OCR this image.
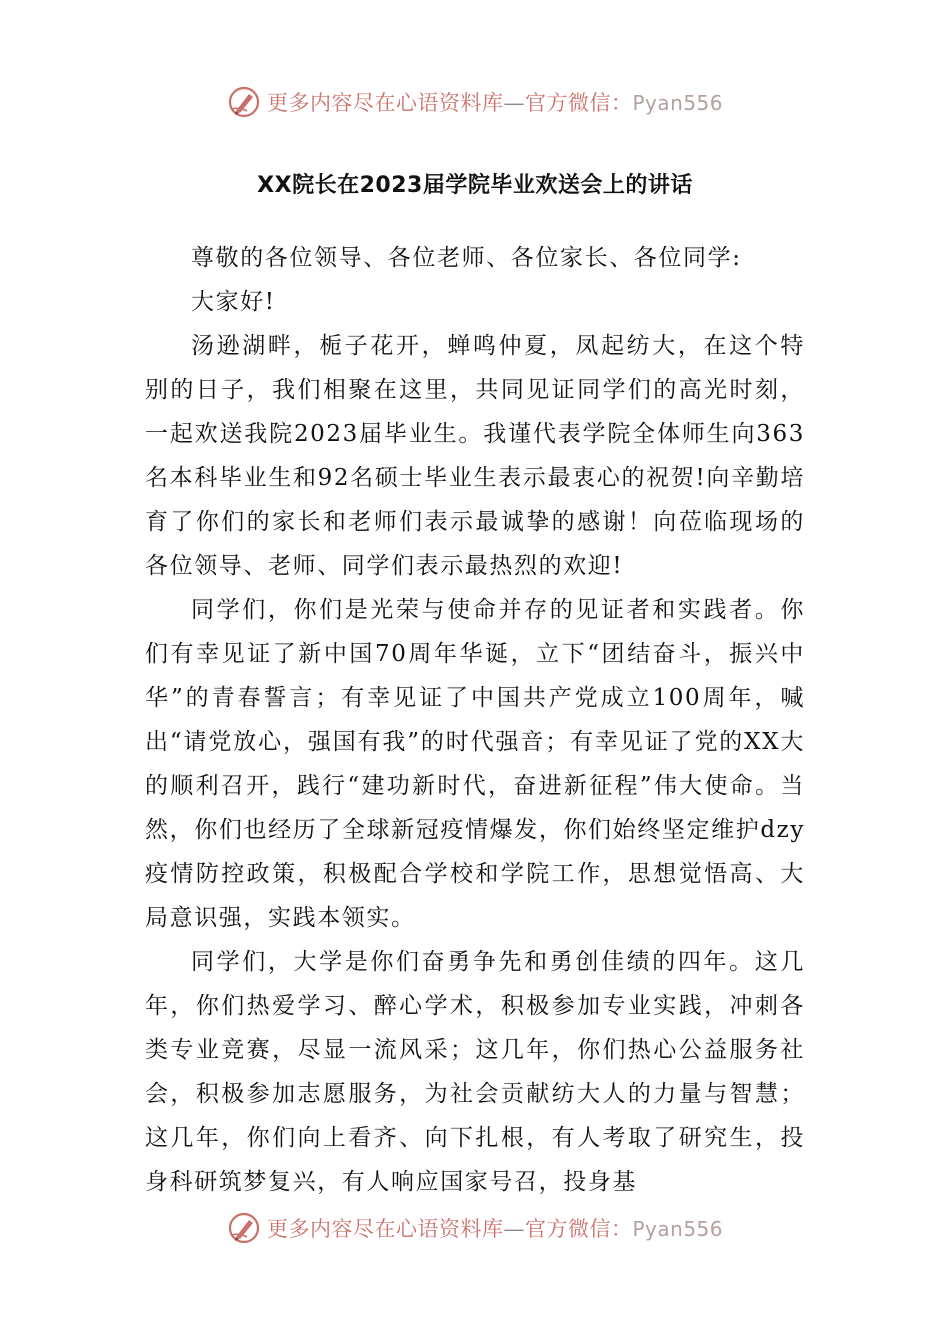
更多内容尽在心语资料库—官方微信：Pyan556
XX院长在2023届学院毕业欢送会上的讲话

尊敬的各位领导、各位老师、各位家长、各位同学:

大家好!

汤逊湖畔，栀子花开，蝉鸣仲夏，凤起纺大，在这个特别的日子，我们相聚在这里，共同见证同学们的高光时刻，一起欢送我院2023届毕业生。我谨代表学院全体师生向363名本科毕业生和92名硕士毕业生表示最衷心的祝贺!向辛勤培育了你们的家长和老师们表示最诚挚的感谢！向莅临现场的各位领导、老师、同学们表示最热烈的欢迎!

同学们，你们是光荣与使命并存的见证者和实践者。你们有幸见证了新中国70周年华诞，立下“团结奋斗，振兴中华”的青春誓言；有幸见证了中国共产党成立100周年，喊出“请党放心，强国有我”的时代强音；有幸见证了党的XX大的顺利召开，践行“建功新时代，奋进新征程”伟大使命。当然，你们也经历了全球新冠疫情爆发，你们始终坚定维护dzy疫情防控政策，积极配合学校和学院工作，思想觉悟高、大局意识强，实践本领实。

同学们，大学是你们奋勇争先和勇创佳绩的四年。这几年，你们热爱学习、醉心学术，积极参加专业实践，冲刺各类专业竞赛，尽显一流风采；这几年，你们热心公益服务社会，积极参加志愿服务，为社会贡献纺大人的力量与智慧；这几年，你们向上看齐、向下扎根，有人考取了研究生，投身科研筑梦复兴，有人响应国家号召，投身基

更多内容尽在心语资料库—官方微信：Pyan556
